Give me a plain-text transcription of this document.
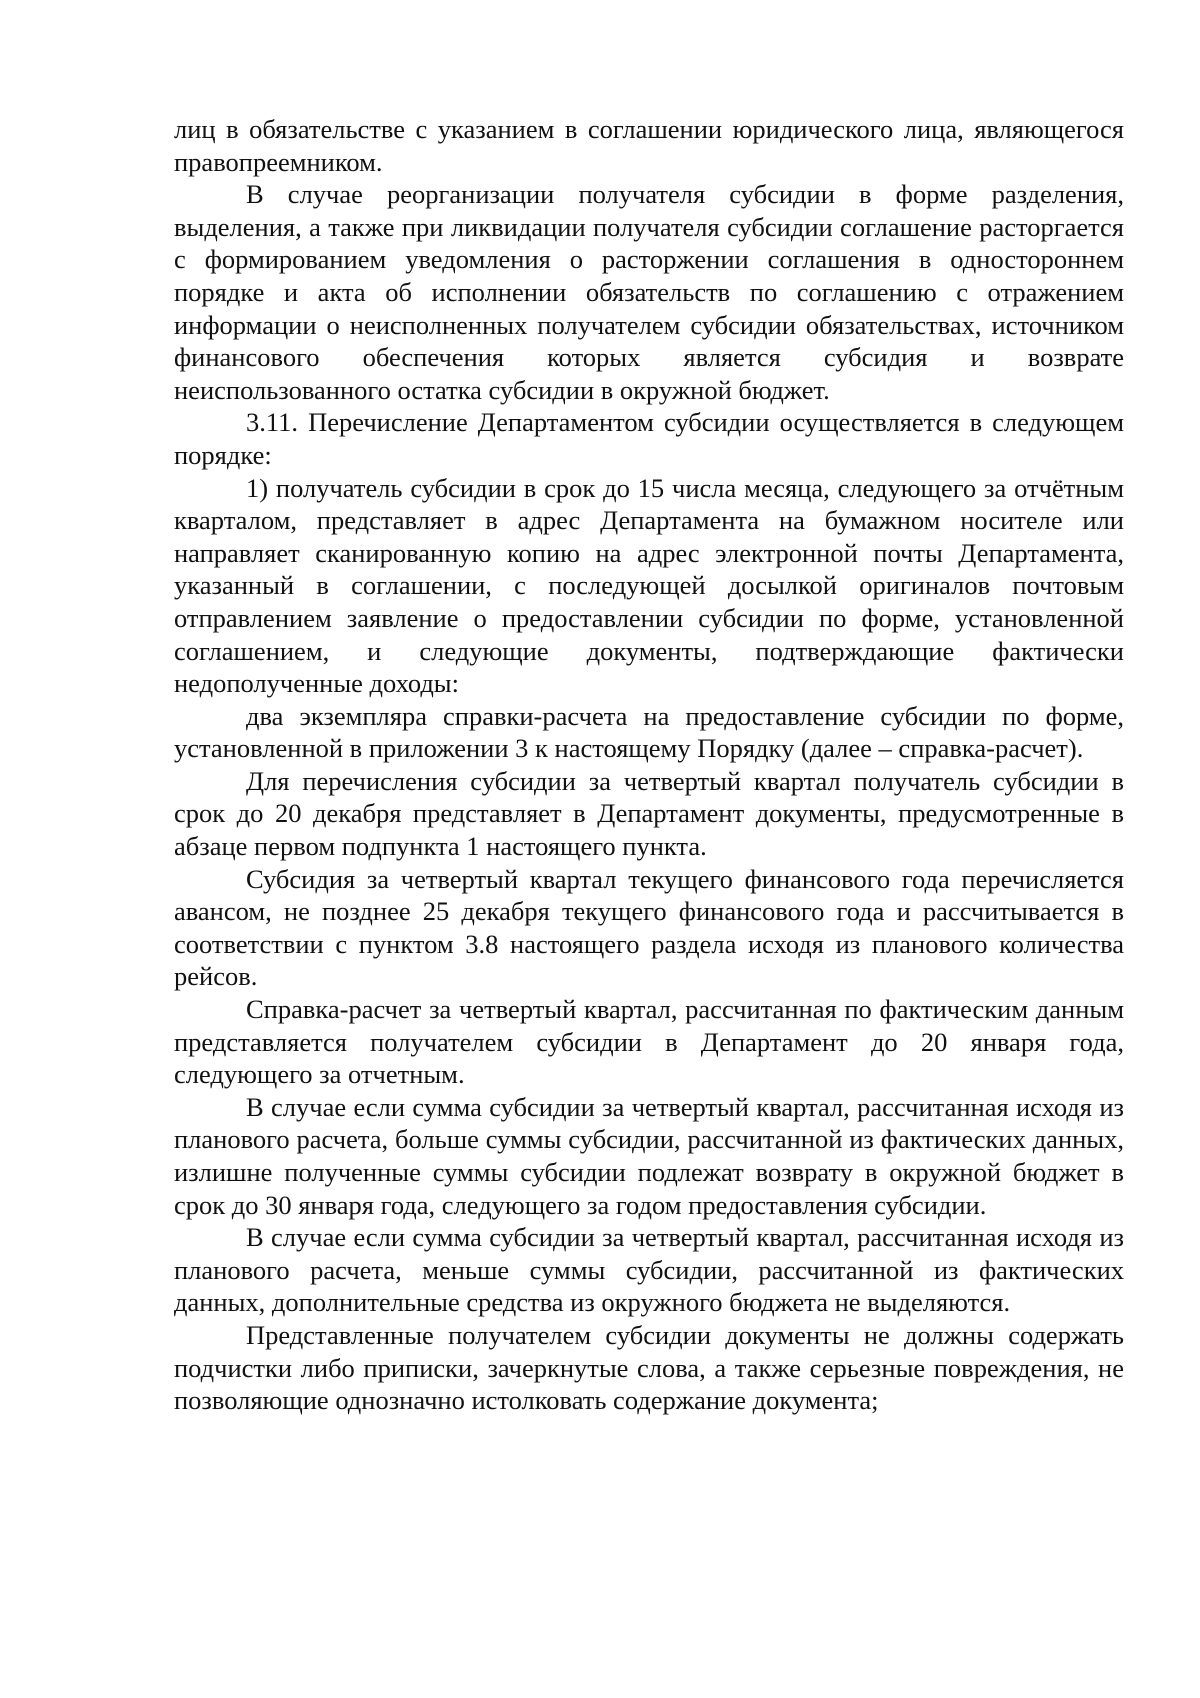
лиц в обязательстве с указанием в соглашении юридического лица, являющегося правопреемником.

В случае реорганизации получателя субсидии в форме разделения, выделения, а также при ликвидации получателя субсидии соглашение расторгается с формированием уведомления о расторжении соглашения в одностороннем порядке и акта об исполнении обязательств по соглашению с отражением информации о неисполненных получателем субсидии обязательствах, источником финансового обеспечения которых является субсидия и возврате неиспользованного остатка субсидии в окружной бюджет.

3.11. Перечисление Департаментом субсидии осуществляется в следующем порядке:

1) получатель субсидии в срок до 15 числа месяца, следующего за отчётным кварталом, представляет в адрес Департамента на бумажном носителе или направляет сканированную копию на адрес электронной почты Департамента, указанный в соглашении, с последующей досылкой оригиналов почтовым отправлением заявление о предоставлении субсидии по форме, установленной соглашением, и следующие документы, подтверждающие фактически недополученные доходы:

два экземпляра справки-расчета на предоставление субсидии по форме, установленной в приложении 3 к настоящему Порядку (далее – справка-расчет).

Для перечисления субсидии за четвертый квартал получатель субсидии в срок до 20 декабря представляет в Департамент документы, предусмотренные в абзаце первом подпункта 1 настоящего пункта.

Субсидия за четвертый квартал текущего финансового года перечисляется авансом, не позднее 25 декабря текущего финансового года и рассчитывается в соответствии с пунктом 3.8 настоящего раздела исходя из планового количества рейсов.

Справка-расчет за четвертый квартал, рассчитанная по фактическим данным представляется получателем субсидии в Департамент до 20 января года, следующего за отчетным.

В случае если сумма субсидии за четвертый квартал, рассчитанная исходя из планового расчета, больше суммы субсидии, рассчитанной из фактических данных, излишне полученные суммы субсидии подлежат возврату в окружной бюджет в срок до 30 января года, следующего за годом предоставления субсидии.

В случае если сумма субсидии за четвертый квартал, рассчитанная исходя из планового расчета, меньше суммы субсидии, рассчитанной из фактических данных, дополнительные средства из окружного бюджета не выделяются.

Представленные получателем субсидии документы не должны содержать подчистки либо приписки, зачеркнутые слова, а также серьезные повреждения, не позволяющие однозначно истолковать содержание документа;
